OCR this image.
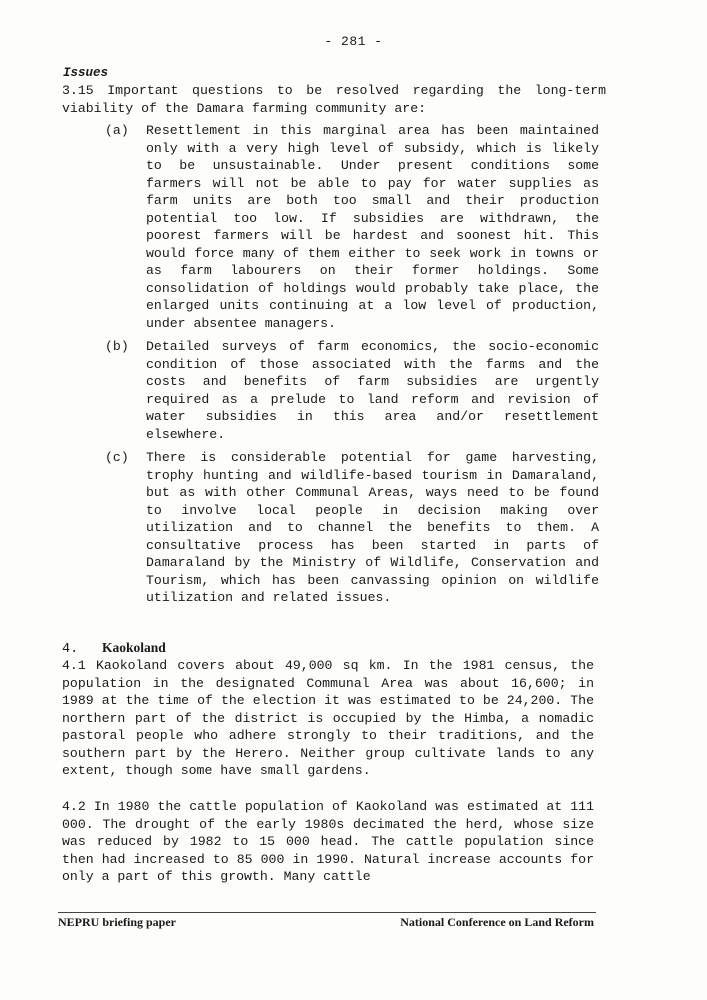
- 281 -
Issues

3.15 Important questions to be resolved regarding the long-term viability of the Damara farming community are:

(a) Resettlement in this marginal area has been maintained only with a very high level of subsidy, which is likely to be unsustainable. Under present conditions some farmers will not be able to pay for water supplies as farm units are both too small and their production potential too low. If subsidies are withdrawn, the poorest farmers will be hardest and soonest hit. This would force many of them either to seek work in towns or as farm labourers on their former holdings. Some consolidation of holdings would probably take place, the enlarged units continuing at a low level of production, under absentee managers.

(b) Detailed surveys of farm economics, the socio-economic condition of those associated with the farms and the costs and benefits of farm subsidies are urgently required as a prelude to land reform and revision of water subsidies in this area and/or resettlement elsewhere.

(c) There is considerable potential for game harvesting, trophy hunting and wildlife-based tourism in Damaraland, but as with other Communal Areas, ways need to be found to involve local people in decision making over utilization and to channel the benefits to them. A consultative process has been started in parts of Damaraland by the Ministry of Wildlife, Conservation and Tourism, which has been canvassing opinion on wildlife utilization and related issues.

4. Kaokoland

4.1 Kaokoland covers about 49,000 sq km. In the 1981 census, the population in the designated Communal Area was about 16,600; in 1989 at the time of the election it was estimated to be 24,200. The northern part of the district is occupied by the Himba, a nomadic pastoral people who adhere strongly to their traditions, and the southern part by the Herero. Neither group cultivate lands to any extent, though some have small gardens.

4.2 In 1980 the cattle population of Kaokoland was estimated at 111 000. The drought of the early 1980s decimated the herd, whose size was reduced by 1982 to 15 000 head. The cattle population since then had increased to 85 000 in 1990. Natural increase accounts for only a part of this growth. Many cattle

NEPRU briefing paper	National Conference on Land Reform
